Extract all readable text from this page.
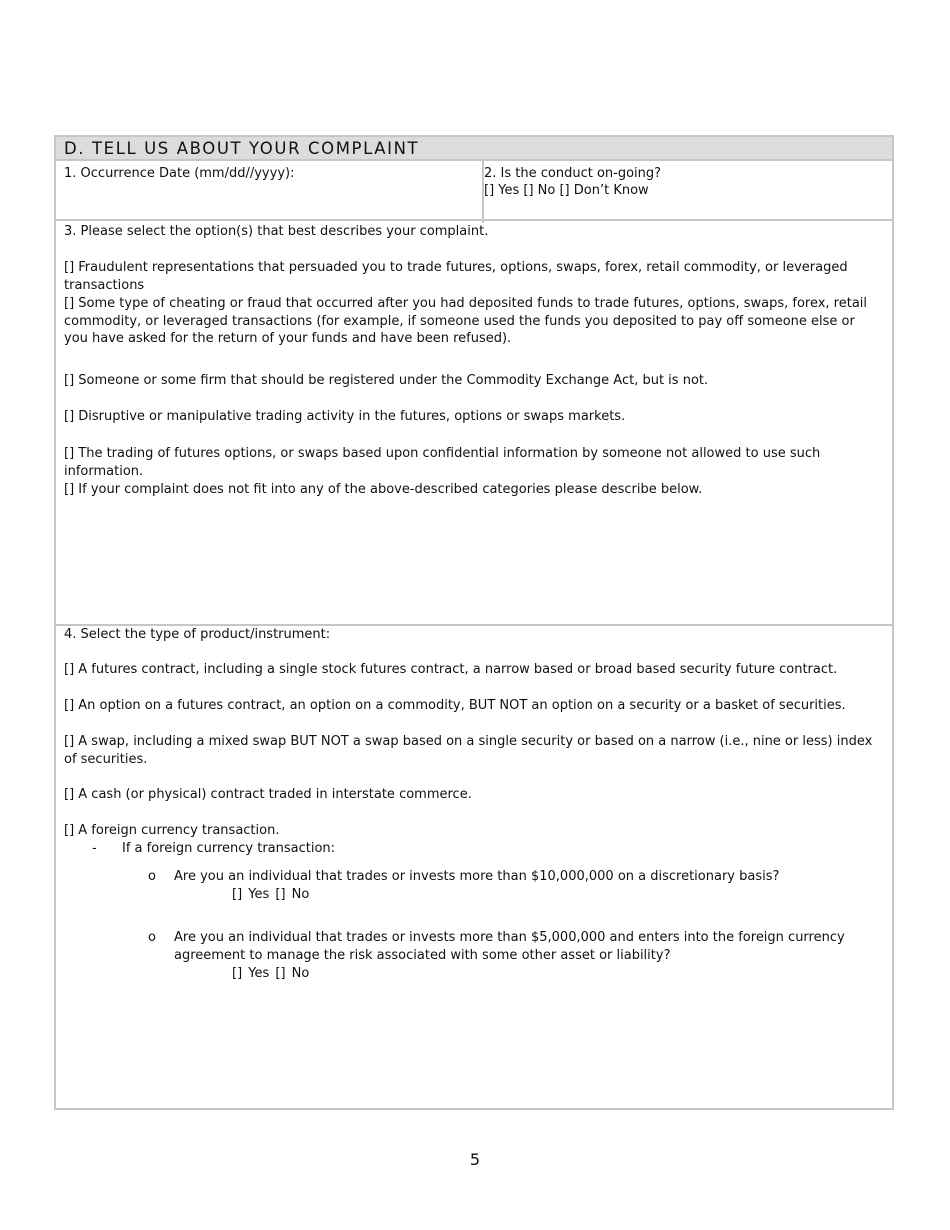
D. TELL US ABOUT YOUR COMPLAINT
1. Occurrence Date (mm/dd//yyyy):	2. Is the conduct on-going?
[] Yes [] No [] Don’t Know
3. Please select the option(s) that best describes your complaint.
[] Fraudulent representations that persuaded you to trade futures, options, swaps, forex, retail commodity, or leveraged transactions
[] Some type of cheating or fraud that occurred after you had deposited funds to trade futures, options, swaps, forex, retail commodity, or leveraged transactions (for example, if someone used the funds you deposited to pay off someone else or you have asked for the return of your funds and have been refused).
[] Someone or some firm that should be registered under the Commodity Exchange Act, but is not.
[] Disruptive or manipulative trading activity in the futures, options or swaps markets.
[] The trading of futures options, or swaps based upon confidential information by someone not allowed to use such information.
[] If your complaint does not fit into any of the above-described categories please describe below.
4. Select the type of product/instrument:
[] A futures contract, including a single stock futures contract, a narrow based or broad based security future contract.
[] An option on a futures contract, an option on a commodity, BUT NOT an option on a security or a basket of securities.
[] A swap, including a mixed swap BUT NOT a swap based on a single security or based on a narrow (i.e., nine or less) index of securities.
[] A cash (or physical) contract traded in interstate commerce.
[] A foreign currency transaction.
- If a foreign currency transaction:
o Are you an individual that trades or invests more than $10,000,000 on a discretionary basis?
[] Yes [] No
o Are you an individual that trades or invests more than $5,000,000 and enters into the foreign currency agreement to manage the risk associated with some other asset or liability?
[] Yes [] No
5
